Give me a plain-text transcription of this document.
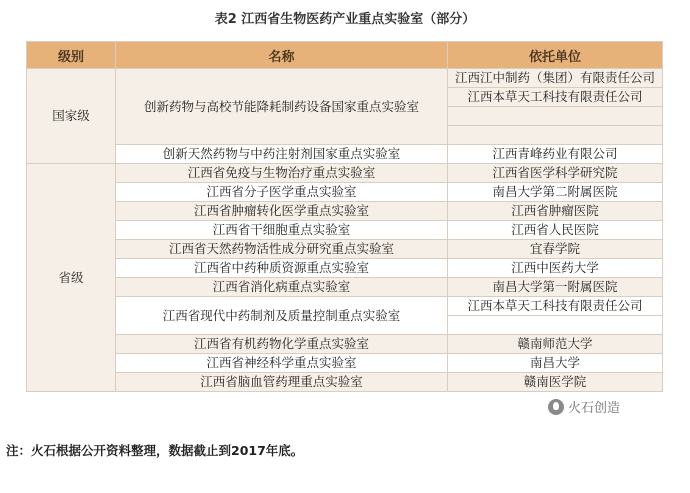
表2 江西省生物医药产业重点实验室（部分）
级别	名称	依托单位
国家级	创新药物与高校节能降耗制药设备国家重点实验室	江西江中制药（集团）有限责任公司
		江西本草天工科技有限责任公司

	创新天然药物与中药注射剂国家重点实验室	江西青峰药业有限公司
省级	江西省免疫与生物治疗重点实验室	江西省医学科学研究院
	江西省分子医学重点实验室	南昌大学第二附属医院
	江西省肿瘤转化医学重点实验室	江西省肿瘤医院
	江西省干细胞重点实验室	江西省人民医院
	江西省天然药物活性成分研究重点实验室	宜春学院
	江西省中药种质资源重点实验室	江西中医药大学
	江西省消化病重点实验室	南昌大学第一附属医院
	江西省现代中药制剂及质量控制重点实验室	江西本草天工科技有限责任公司

	江西省有机药物化学重点实验室	赣南师范大学
	江西省神经科学重点实验室	南昌大学
	江西省脑血管药理重点实验室	赣南医学院
火石创造
注：火石根据公开资料整理，数据截止到2017年底。
